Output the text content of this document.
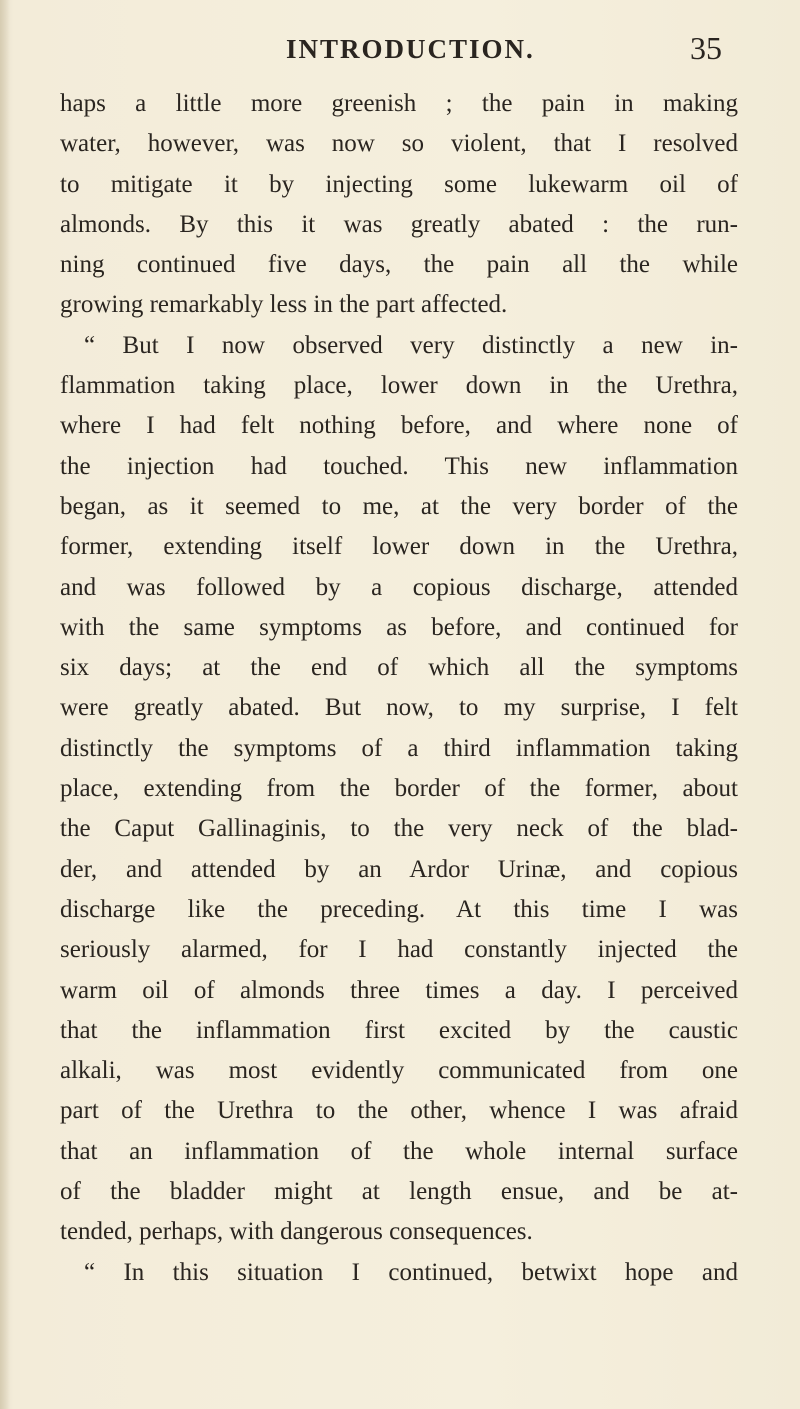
INTRODUCTION.	35
haps a little more greenish ; the pain in making
water, however, was now so violent, that I resolved
to mitigate it by injecting some lukewarm oil of
almonds. By this it was greatly abated : the run-
ning continued five days, the pain all the while
growing remarkably less in the part affected.
“ But I now observed very distinctly a new in-
flammation taking place, lower down in the Urethra,
where I had felt nothing before, and where none of
the injection had touched. This new inflammation
began, as it seemed to me, at the very border of the
former, extending itself lower down in the Urethra,
and was followed by a copious discharge, attended
with the same symptoms as before, and continued for
six days; at the end of which all the symptoms
were greatly abated. But now, to my surprise, I felt
distinctly the symptoms of a third inflammation taking
place, extending from the border of the former, about
the Caput Gallinaginis, to the very neck of the blad-
der, and attended by an Ardor Urinæ, and copious
discharge like the preceding. At this time I was
seriously alarmed, for I had constantly injected the
warm oil of almonds three times a day. I perceived
that the inflammation first excited by the caustic
alkali, was most evidently communicated from one
part of the Urethra to the other, whence I was afraid
that an inflammation of the whole internal surface
of the bladder might at length ensue, and be at-
tended, perhaps, with dangerous consequences.
“ In this situation I continued, betwixt hope and
